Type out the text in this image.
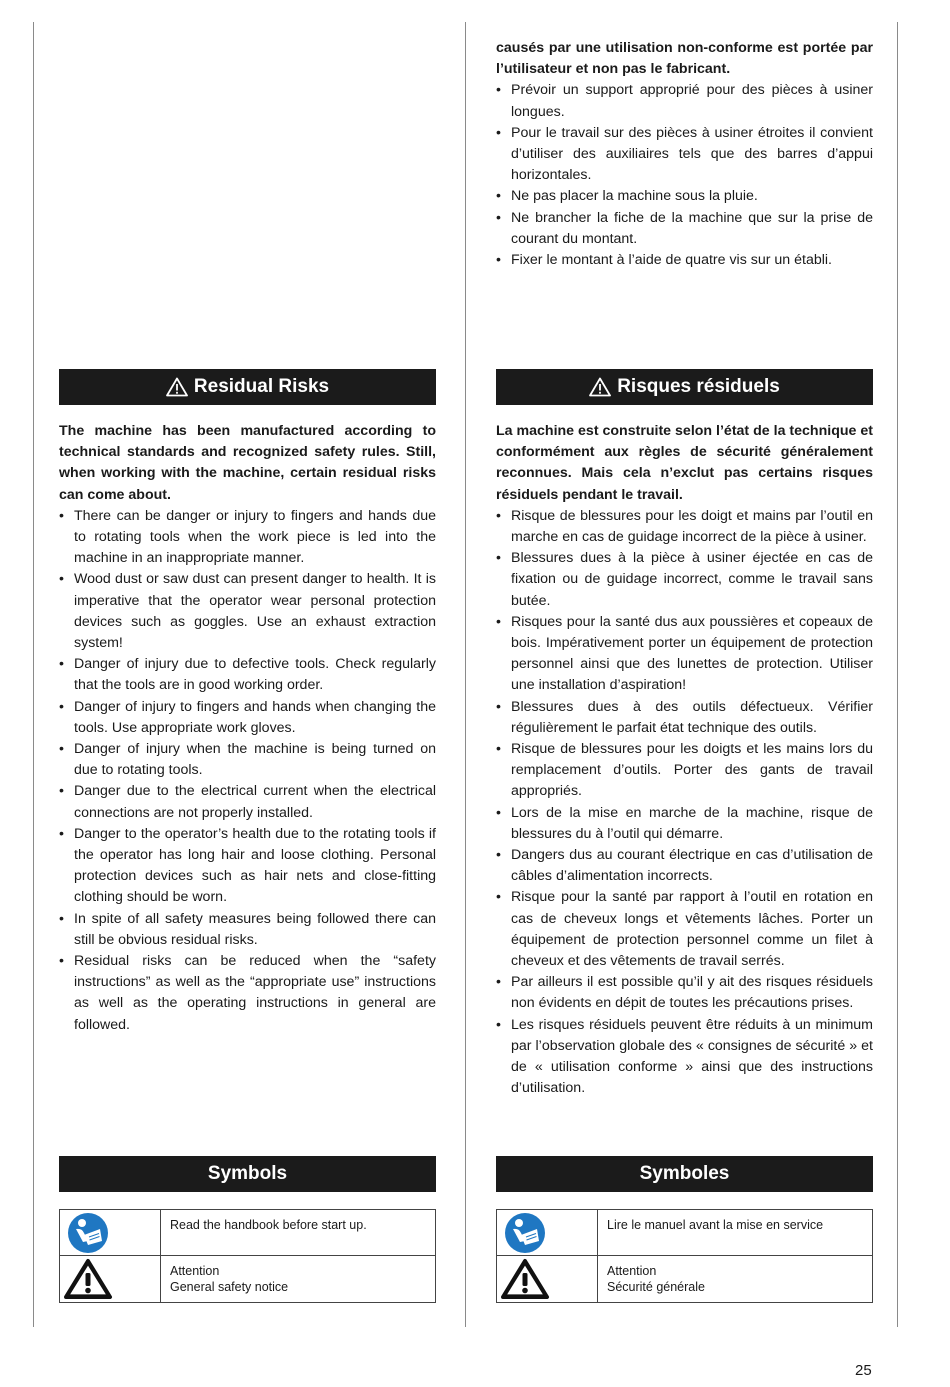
causés par une utilisation non-conforme est portée par l’utilisateur et non pas le fabricant.

• Prévoir un support approprié pour des pièces à usiner longues.
• Pour le travail sur des pièces à usiner étroites il convient d’utiliser des auxiliaires tels que des barres d’appui horizontales.
• Ne pas placer la machine sous la pluie.
• Ne brancher la fiche de la machine que sur la prise de courant du montant.
• Fixer le montant à l’aide de quatre vis sur un établi.
Residual Risks	Risques résiduels

The machine has been manufactured according to technical standards and recognized safety rules. Still, when working with the machine, certain residual risks can come about.

• There can be danger or injury to fingers and hands due to rotating tools when the work piece is led into the machine in an inappropriate manner.
• Wood dust or saw dust can present danger to health. It is imperative that the operator wear personal protection devices such as goggles. Use an exhaust extraction system!
• Danger of injury due to defective tools. Check regularly that the tools are in good working order.
• Danger of injury to fingers and hands when changing the tools. Use appropriate work gloves.
• Danger of injury when the machine is being turned on due to rotating tools.
• Danger due to the electrical current when the electrical connections are not properly installed.
• Danger to the operator’s health due to the rotating tools if the operator has long hair and loose clothing. Personal protection devices such as hair nets and close-fitting clothing should be worn.
• In spite of all safety measures being followed there can still be obvious residual risks.
• Residual risks can be reduced when the “safety instructions” as well as the “appropriate use” instructions as well as the operating instructions in general are followed.

La machine est construite selon l’état de la technique et conformément aux règles de sécurité généralement reconnues. Mais cela n’exclut pas certains risques résiduels pendant le travail.

• Risque de blessures pour les doigt et mains par l’outil en marche en cas de guidage incorrect de la pièce à usiner.
• Blessures dues à la pièce à usiner éjectée en cas de fixation ou de guidage incorrect, comme le travail sans butée.
• Risques pour la santé dus aux poussières et copeaux de bois. Impérativement porter un équipement de protection personnel ainsi que des lunettes de protection. Utiliser une installation d’aspiration!
• Blessures dues à des outils défectueux. Vérifier régulièrement le parfait état technique des outils.
• Risque de blessures pour les doigts et les mains lors du remplacement d’outils. Porter des gants de travail appropriés.
• Lors de la mise en marche de la machine, risque de blessures du à l’outil qui démarre.
• Dangers dus au courant électrique en cas d’utilisation de câbles d’alimentation incorrects.
• Risque pour la santé par rapport à l’outil en rotation en cas de cheveux longs et vêtements lâches. Porter un équipement de protection personnel comme un filet à cheveux et des vêtements de travail serrés.
• Par ailleurs il est possible qu’il y ait des risques résiduels non évidents en dépit de toutes les précautions prises.
• Les risques résiduels peuvent être réduits à un minimum par l’observation globale des « consignes de sécurité » et de « utilisation conforme » ainsi que des instructions d’utilisation.
Symbols	Symboles

Read the handbook before start up.

Attention
General safety notice

Lire le manuel avant la mise en service

Attention
Sécurité générale
25
